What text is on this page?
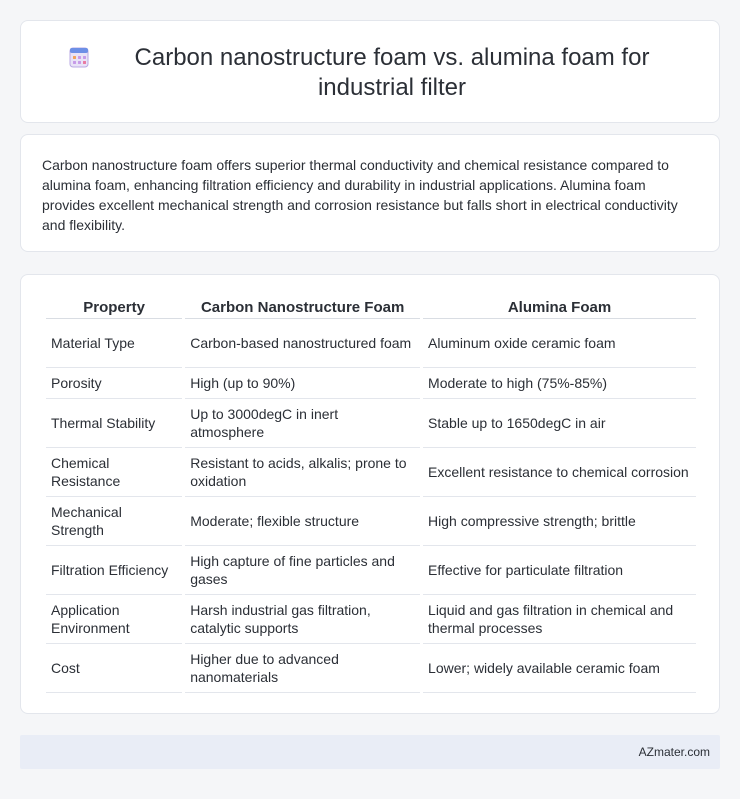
Carbon nanostructure foam vs. alumina foam for industrial filter

Carbon nanostructure foam offers superior thermal conductivity and chemical resistance compared to alumina foam, enhancing filtration efficiency and durability in industrial applications. Alumina foam provides excellent mechanical strength and corrosion resistance but falls short in electrical conductivity and flexibility.

Property	Carbon Nanostructure Foam	Alumina Foam
Material Type	Carbon-based nanostructured foam	Aluminum oxide ceramic foam
Porosity	High (up to 90%)	Moderate to high (75%-85%)
Thermal Stability	Up to 3000degC in inert atmosphere	Stable up to 1650degC in air
Chemical Resistance	Resistant to acids, alkalis; prone to oxidation	Excellent resistance to chemical corrosion
Mechanical Strength	Moderate; flexible structure	High compressive strength; brittle
Filtration Efficiency	High capture of fine particles and gases	Effective for particulate filtration
Application Environment	Harsh industrial gas filtration, catalytic supports	Liquid and gas filtration in chemical and thermal processes
Cost	Higher due to advanced nanomaterials	Lower; widely available ceramic foam
AZmater.com
